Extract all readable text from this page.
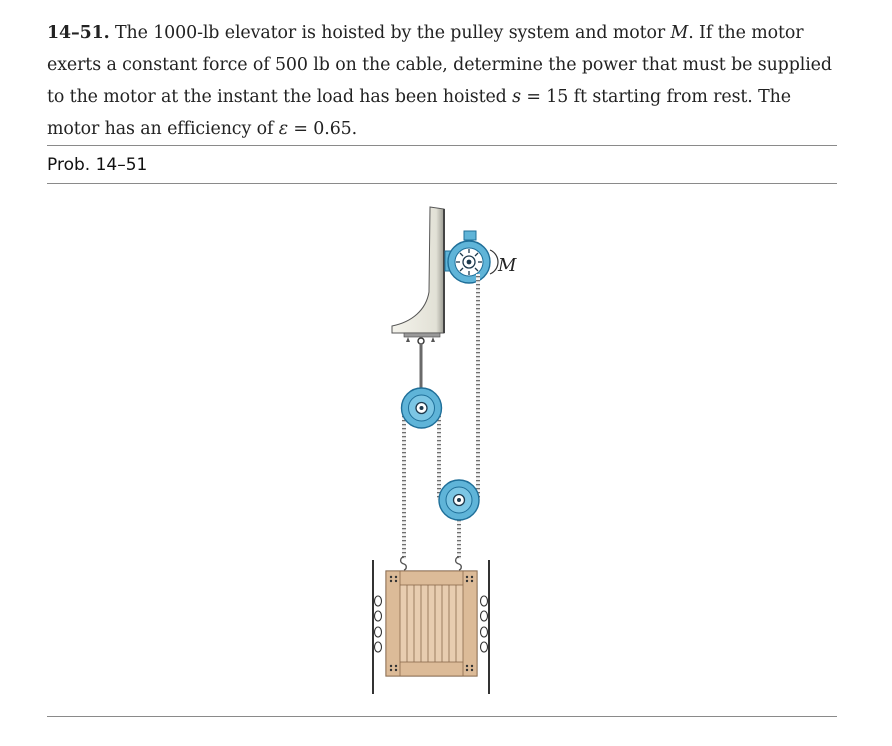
14–51. The 1000-lb elevator is hoisted by the pulley system and motor M. If the motor exerts a constant force of 500 lb on the cable, determine the power that must be supplied to the motor at the instant the load has been hoisted s = 15 ft starting from rest. The motor has an efficiency of ε = 0.65.
Prob. 14–51
M
